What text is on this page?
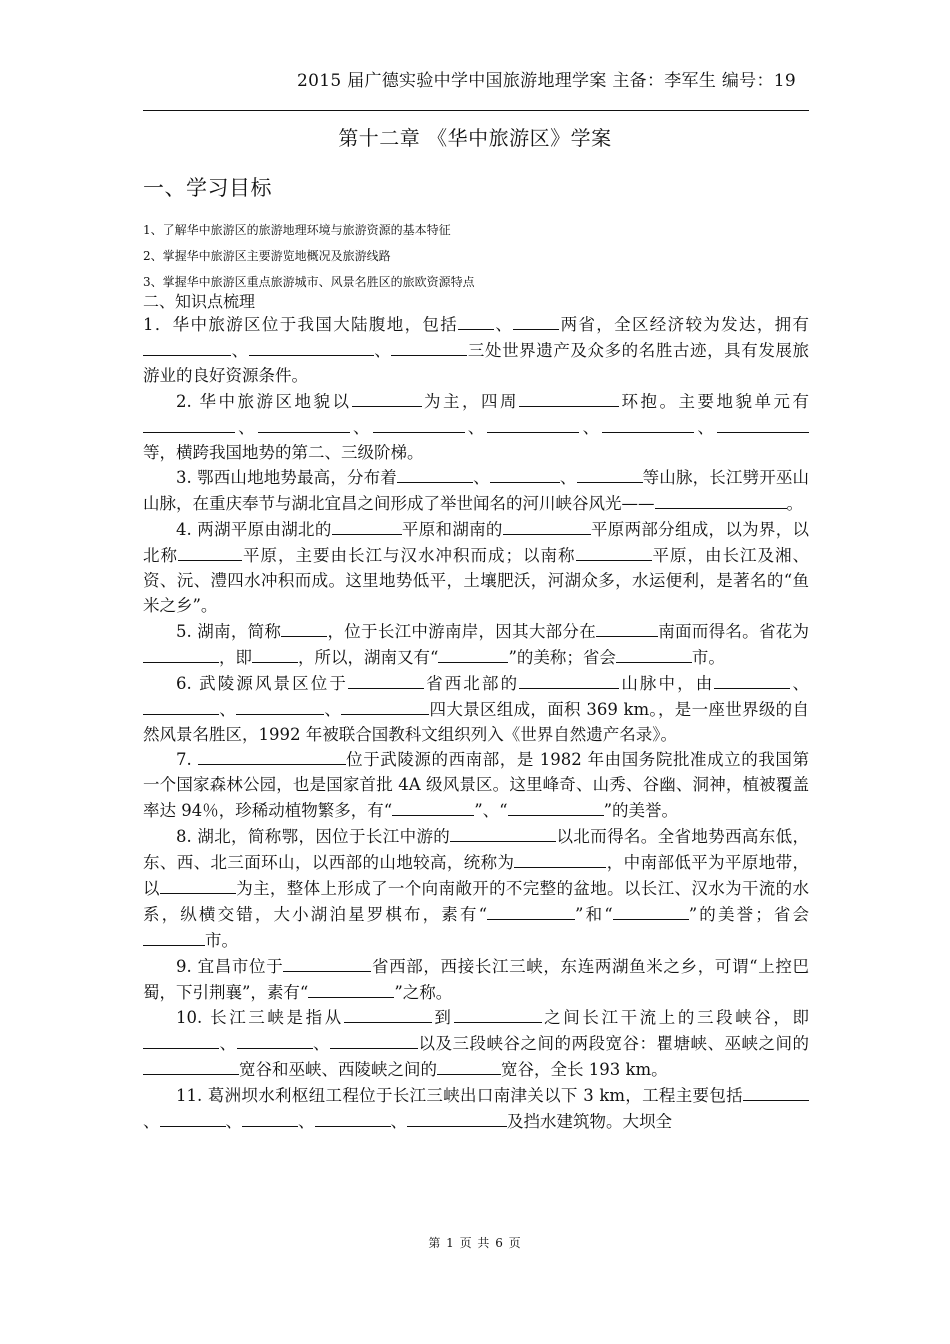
2015 届广德实验中学中国旅游地理学案 主备：李军生 编号：19
第十二章 《华中旅游区》学案
一、学习目标
1、了解华中旅游区的旅游地理环境与旅游资源的基本特征
2、掌握华中旅游区主要游览地概况及旅游线路
3、掌握华中旅游区重点旅游城市、风景名胜区的旅欧资源特点
二、知识点梳理

1．华中旅游区位于我国大陆腹地，包括 、	两省，全区经济较为发达，拥有、	、	三处世界遗产及众多的名胜古迹，具有发展旅游业的良好资源条件。

2. 华中旅游区地貌以	为主，四周	环抱。主要地貌单元有、	、	、	、	、等，横跨我国地势的第二、三级阶梯。

3. 鄂西山地地势最高，分布着	、	、	等山脉，长江劈开巫山山脉，在重庆奉节与湖北宜昌之间形成了举世闻名的河川峡谷风光——	。

4. 两湖平原由湖北的	平原和湖南的	平原两部分组成，以为界，以北称	平原，主要由长江与汉水冲积而成；以南称	平原，由长江及湘、资、沅、澧四水冲积而成。这里地势低平，土壤肥沃，河湖众多，水运便利，是著名的“鱼米之乡”。

5. 湖南，简称	，位于长江中游南岸，因其大部分在	南面而得名。省花为，即	，所以，湖南又有“	”的美称；省会	市。

6. 武陵源风景区位于	省西北部的	山脉中，由	、、	、	四大景区组成，面积 369 km。，是一座世界级的自然风景名胜区，1992 年被联合国教科文组织列入《世界自然遗产名录》。

7.	位于武陵源的西南部，是 1982 年由国务院批准成立的我国第一个国家森林公园，也是国家首批 4A 级风景区。这里峰奇、山秀、谷幽、洞神，植被覆盖率达 94％，珍稀动植物繁多，有“	”、“	”的美誉。

8. 湖北，简称鄂，因位于长江中游的	以北而得名。全省地势西高东低，东、西、北三面环山，以西部的山地较高，统称为	，中南部低平为平原地带，以	为主，整体上形成了一个向南敞开的不完整的盆地。以长江、汉水为干流的水系，纵横交错，大小湖泊星罗棋布，素有“	”和“	”的美誉；省会市。

9. 宜昌市位于	省西部，西接长江三峡，东连两湖鱼米之乡，可谓“上控巴蜀，下引荆襄”，素有“	”之称。

10. 长江三峡是指从	到	之间长江干流上的三段峡谷，即、	、	以及三段峡谷之间的两段宽谷：瞿塘峡、巫峡之间的宽谷和巫峡、西陵峡之间的	宽谷，全长 193 km。

11. 葛洲坝水利枢纽工程位于长江三峡出口南津关以下 3 km，工程主要包括、	、	、	、	及挡水建筑物。大坝全

第 1 页 共 6 页
